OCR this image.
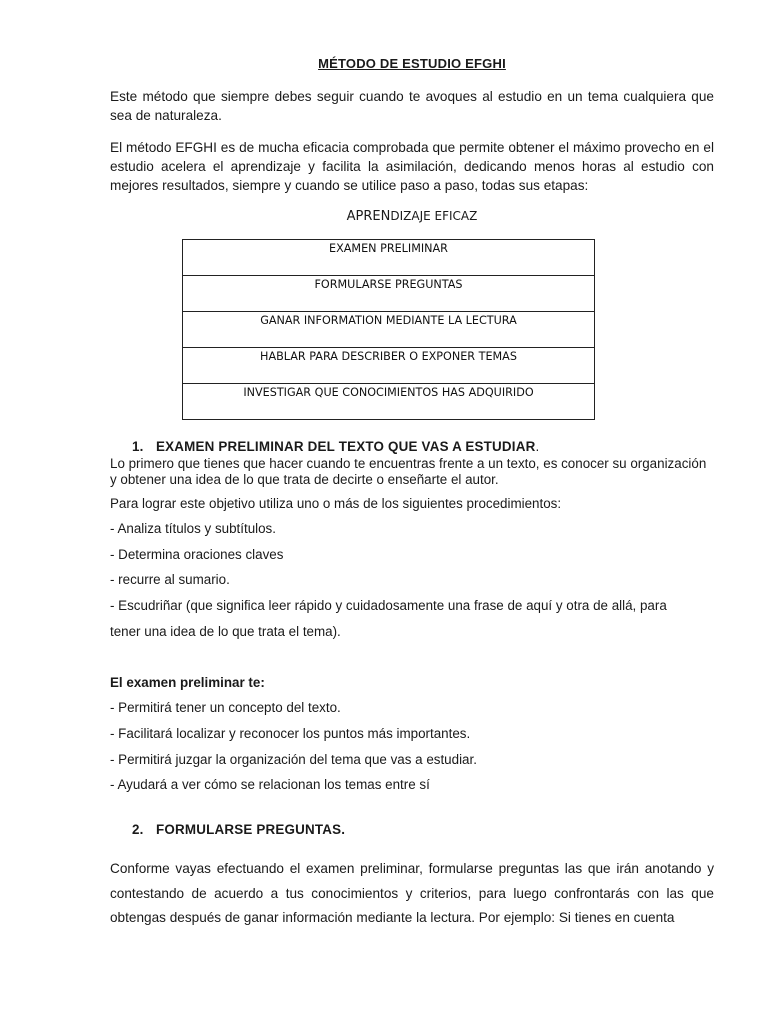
MÉTODO DE ESTUDIO EFGHI

Este método que siempre debes seguir cuando te avoques al estudio en un tema cualquiera que sea de naturaleza.

El método EFGHI es de mucha eficacia comprobada que permite obtener el máximo provecho en el estudio acelera el aprendizaje y facilita la asimilación, dedicando menos horas al estudio con mejores resultados, siempre y cuando se utilice paso a paso, todas sus etapas:

APRENDIZAJE EFICAZ
EXAMEN PRELIMINAR
FORMULARSE PREGUNTAS
GANAR INFORMATION MEDIANTE LA LECTURA
HABLAR PARA DESCRIBER O EXPONER TEMAS
INVESTIGAR QUE CONOCIMIENTOS HAS ADQUIRIDO
1. EXAMEN PRELIMINAR DEL TEXTO QUE VAS A ESTUDIAR.

Lo primero que tienes que hacer cuando te encuentras frente a un texto, es conocer su organización y obtener una idea de lo que trata de decirte o enseñarte el autor.

Para lograr este objetivo utiliza uno o más de los siguientes procedimientos:

- Analiza títulos y subtítulos.

- Determina oraciones claves

- recurre al sumario.

- Escudriñar (que significa leer rápido y cuidadosamente una frase de aquí y otra de allá, para

tener una idea de lo que trata el tema).

El examen preliminar te:

- Permitirá tener un concepto del texto.

- Facilitará localizar y reconocer los puntos más importantes.

- Permitirá juzgar la organización del tema que vas a estudiar.

- Ayudará a ver cómo se relacionan los temas entre sí

2. FORMULARSE PREGUNTAS.

Conforme vayas efectuando el examen preliminar, formularse preguntas las que irán anotando y contestando de acuerdo a tus conocimientos y criterios, para luego confrontarás con las que obtengas después de ganar información mediante la lectura. Por ejemplo: Si tienes en cuenta
